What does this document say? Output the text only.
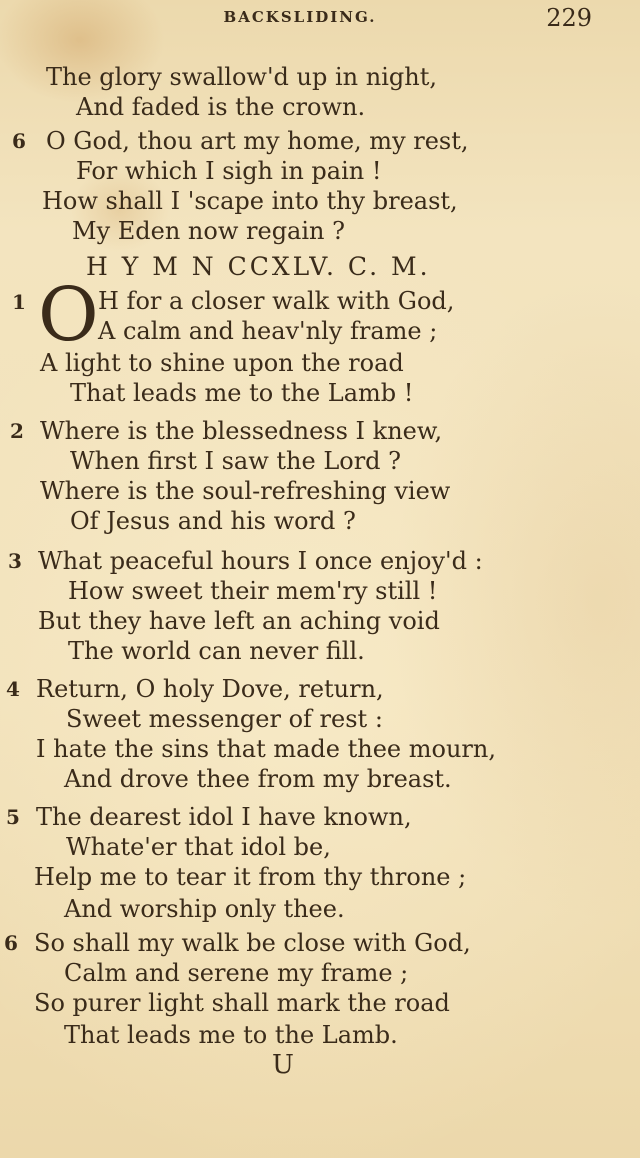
BACKSLIDING.	229
The glory swallow'd up in night,
And faded is the crown.
6 O God, thou art my home, my rest,
For which I sigh in pain !
How shall I 'scape into thy breast,
My Eden now regain ?
H Y M N CCXLV. C. M.
1 O H for a closer walk with God,
A calm and heav'nly frame ;
A light to shine upon the road
That leads me to the Lamb !
2 Where is the blessedness I knew,
When first I saw the Lord ?
Where is the soul-refreshing view
Of Jesus and his word ?
3 What peaceful hours I once enjoy'd :
How sweet their mem'ry still !
But they have left an aching void
The world can never fill.
4 Return, O holy Dove, return,
Sweet messenger of rest :
I hate the sins that made thee mourn,
And drove thee from my breast.
5 The dearest idol I have known,
Whate'er that idol be,
Help me to tear it from thy throne ;
And worship only thee.
6 So shall my walk be close with God,
Calm and serene my frame ;
So purer light shall mark the road
That leads me to the Lamb.
U
